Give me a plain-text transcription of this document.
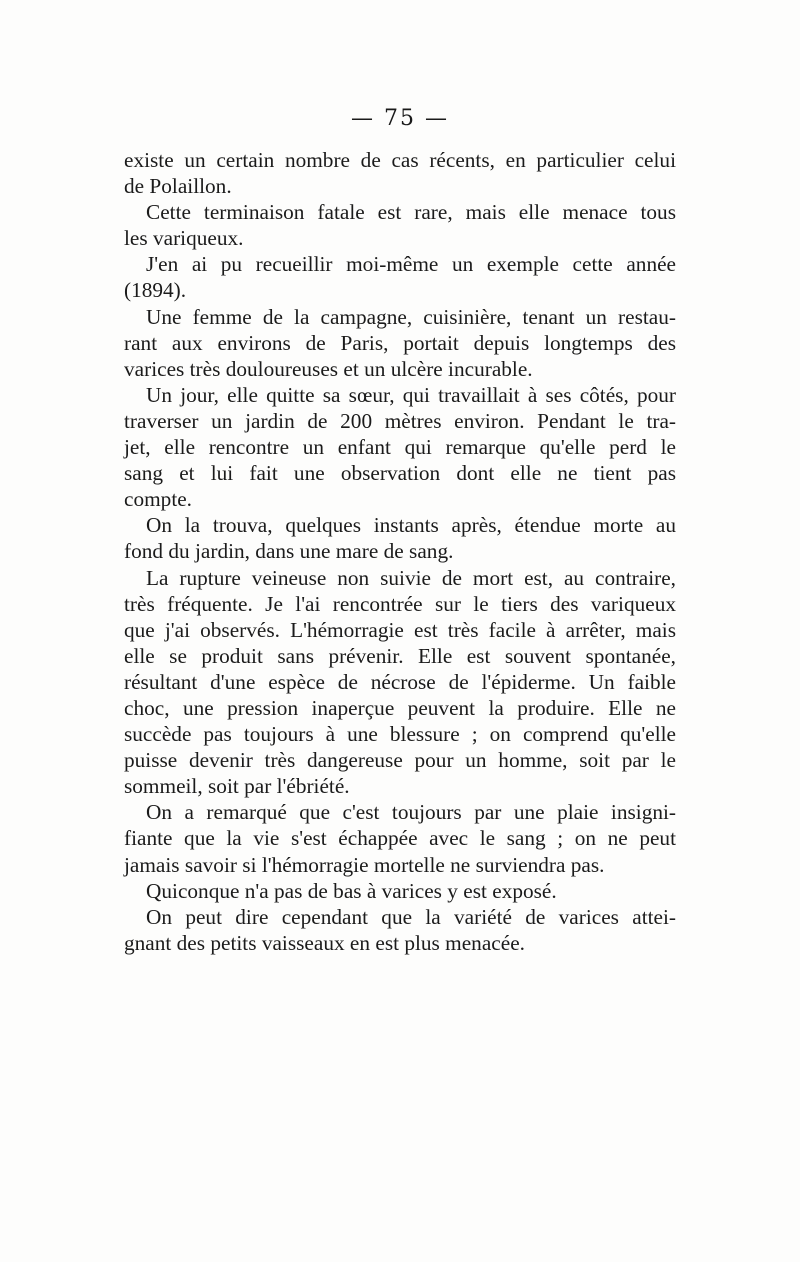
— 75 —
existe un certain nombre de cas récents, en particulier celui
de Polaillon.
Cette terminaison fatale est rare, mais elle menace tous
les variqueux.
J'en ai pu recueillir moi-même un exemple cette année
(1894).
Une femme de la campagne, cuisinière, tenant un restau-
rant aux environs de Paris, portait depuis longtemps des
varices très douloureuses et un ulcère incurable.
Un jour, elle quitte sa sœur, qui travaillait à ses côtés, pour
traverser un jardin de 200 mètres environ. Pendant le tra-
jet, elle rencontre un enfant qui remarque qu'elle perd le
sang et lui fait une observation dont elle ne tient pas
compte.
On la trouva, quelques instants après, étendue morte au
fond du jardin, dans une mare de sang.
La rupture veineuse non suivie de mort est, au contraire,
très fréquente. Je l'ai rencontrée sur le tiers des variqueux
que j'ai observés. L'hémorragie est très facile à arrêter, mais
elle se produit sans prévenir. Elle est souvent spontanée,
résultant d'une espèce de nécrose de l'épiderme. Un faible
choc, une pression inaperçue peuvent la produire. Elle ne
succède pas toujours à une blessure ; on comprend qu'elle
puisse devenir très dangereuse pour un homme, soit par le
sommeil, soit par l'ébriété.
On a remarqué que c'est toujours par une plaie insigni-
fiante que la vie s'est échappée avec le sang ; on ne peut
jamais savoir si l'hémorragie mortelle ne surviendra pas.
Quiconque n'a pas de bas à varices y est exposé.
On peut dire cependant que la variété de varices attei-
gnant des petits vaisseaux en est plus menacée.
